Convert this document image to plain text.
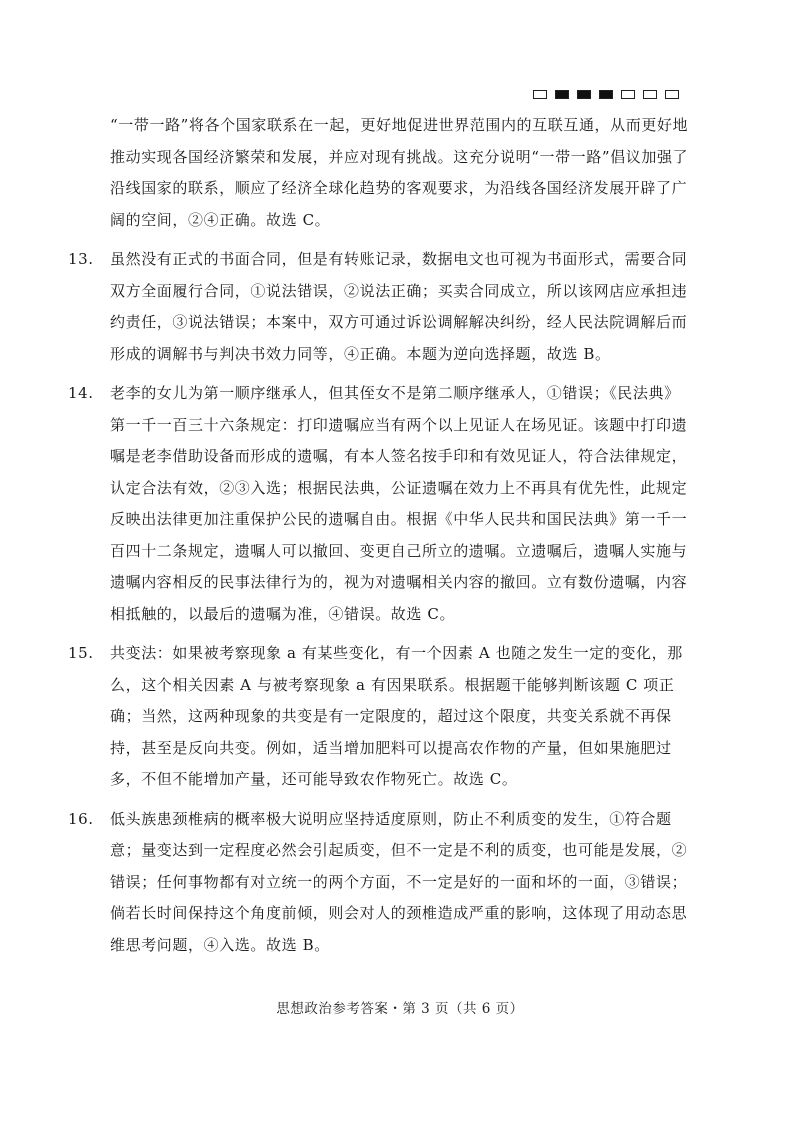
“一带一路”将各个国家联系在一起，更好地促进世界范围内的互联互通，从而更好地推动实现各国经济繁荣和发展，并应对现有挑战。这充分说明“一带一路”倡议加强了沿线国家的联系，顺应了经济全球化趋势的客观要求，为沿线各国经济发展开辟了广阔的空间，②④正确。故选 C。
13.	虽然没有正式的书面合同，但是有转账记录，数据电文也可视为书面形式，需要合同双方全面履行合同，①说法错误，②说法正确；买卖合同成立，所以该网店应承担违约责任，③说法错误；本案中，双方可通过诉讼调解解决纠纷，经人民法院调解后而形成的调解书与判决书效力同等，④正确。本题为逆向选择题，故选 B。
14.	老李的女儿为第一顺序继承人，但其侄女不是第二顺序继承人，①错误；《民法典》第一千一百三十六条规定：打印遗嘱应当有两个以上见证人在场见证。该题中打印遗嘱是老李借助设备而形成的遗嘱，有本人签名按手印和有效见证人，符合法律规定，认定合法有效，②③入选；根据民法典，公证遗嘱在效力上不再具有优先性，此规定反映出法律更加注重保护公民的遗嘱自由。根据《中华人民共和国民法典》第一千一百四十二条规定，遗嘱人可以撤回、变更自己所立的遗嘱。立遗嘱后，遗嘱人实施与遗嘱内容相反的民事法律行为的，视为对遗嘱相关内容的撤回。立有数份遗嘱，内容相抵触的，以最后的遗嘱为准，④错误。故选 C。
15.	共变法：如果被考察现象 a 有某些变化，有一个因素 A 也随之发生一定的变化，那么，这个相关因素 A 与被考察现象 a 有因果联系。根据题干能够判断该题 C 项正确；当然，这两种现象的共变是有一定限度的，超过这个限度，共变关系就不再保持，甚至是反向共变。例如，适当增加肥料可以提高农作物的产量，但如果施肥过多，不但不能增加产量，还可能导致农作物死亡。故选 C。
16.	低头族患颈椎病的概率极大说明应坚持适度原则，防止不利质变的发生，①符合题意；量变达到一定程度必然会引起质变，但不一定是不利的质变，也可能是发展，②错误；任何事物都有对立统一的两个方面，不一定是好的一面和坏的一面，③错误；倘若长时间保持这个角度前倾，则会对人的颈椎造成严重的影响，这体现了用动态思维思考问题，④入选。故选 B。
思想政治参考答案・第 3 页（共 6 页）
